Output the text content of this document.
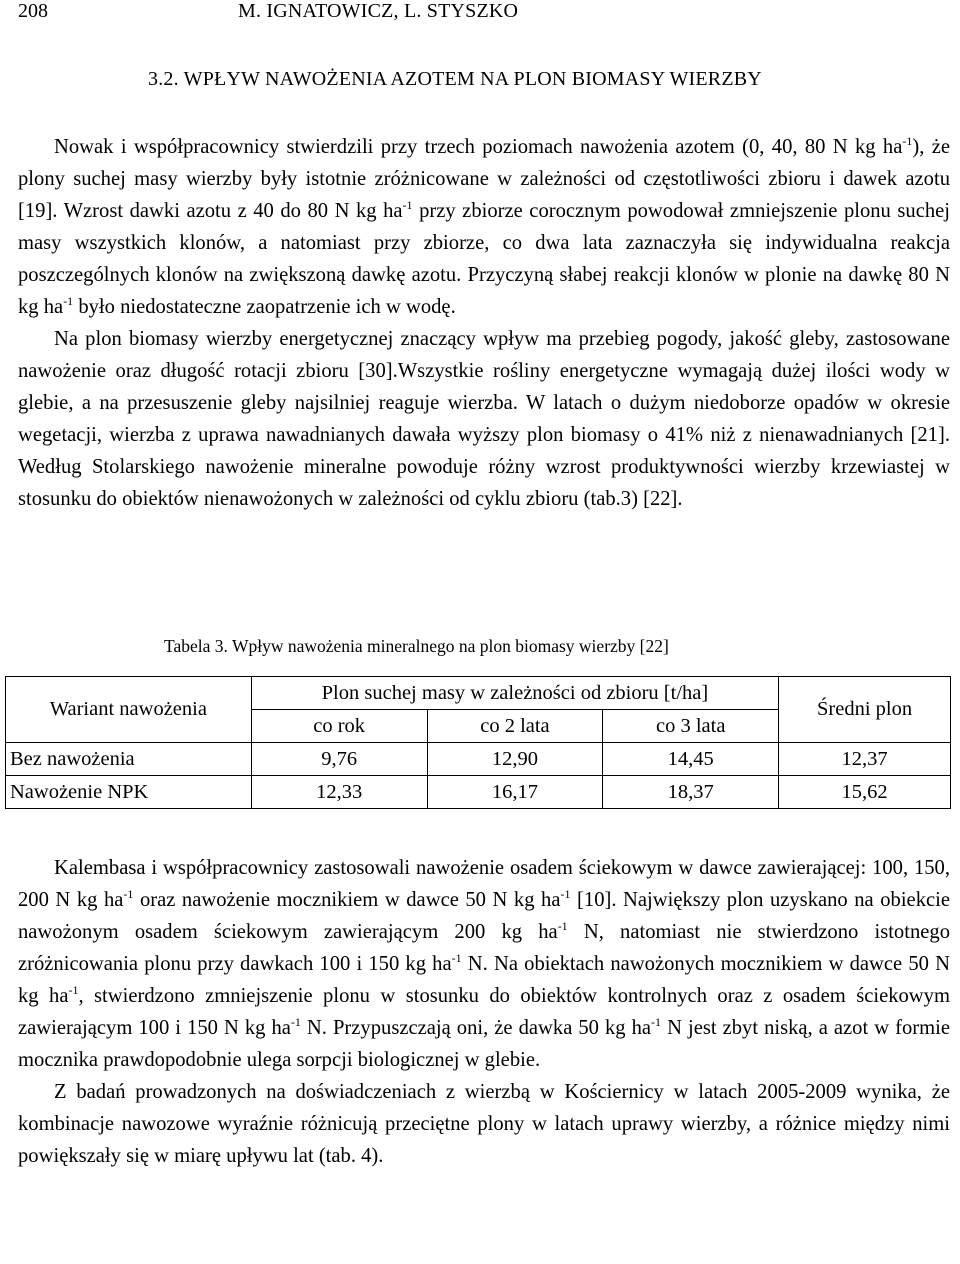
208	M. IGNATOWICZ, L. STYSZKO
3.2. WPŁYW NAWOŻENIA AZOTEM NA PLON BIOMASY WIERZBY

Nowak i współpracownicy stwierdzili przy trzech poziomach nawożenia azotem (0, 40, 80 N kg $ha^{-1}$), że plony suchej masy wierzby były istotnie zróżnicowane w zależności od częstotliwości zbioru i dawek azotu [19]. Wzrost dawki azotu z 40 do 80 N kg $ha^{-1}$ przy zbiorze corocznym powodował zmniejszenie plonu suchej masy wszystkich klonów, a natomiast przy zbiorze, co dwa lata zaznaczyła się indywidualna reakcja poszczególnych klonów na zwiększoną dawkę azotu. Przyczyną słabej reakcji klonów w plonie na dawkę 80 N kg $ha^{-1}$ było niedostateczne zaopatrzenie ich w wodę.

Na plon biomasy wierzby energetycznej znaczący wpływ ma przebieg pogody, jakość gleby, zastosowane nawożenie oraz długość rotacji zbioru [30].Wszystkie rośliny energetyczne wymagają dużej ilości wody w glebie, a na przesuszenie gleby najsilniej reaguje wierzba. W latach o dużym niedoborze opadów w okresie wegetacji, wierzba z uprawa nawadnianych dawała wyższy plon biomasy o 41% niż z nienawadnianych [21]. Według Stolarskiego nawożenie mineralne powoduje różny wzrost produktywności wierzby krzewiastej w stosunku do obiektów nienawożonych w zależności od cyklu zbioru (tab.3) [22].

Tabela 3. Wpływ nawożenia mineralnego na plon biomasy wierzby [22]
Wariant nawożenia	Plon suchej masy w zależności od zbioru [t/ha]			Średni plon
	co rok	co 2 lata	co 3 lata	
Bez nawożenia	9,76	12,90	14,45	12,37
Nawożenie NPK	12,33	16,17	18,37	15,62

Kalembasa i współpracownicy zastosowali nawożenie osadem ściekowym w dawce zawierającej: 100, 150, 200 N kg $ha^{-1}$ oraz nawożenie mocznikiem w dawce 50 N kg $ha^{-1}$ [10]. Największy plon uzyskano na obiekcie nawożonym osadem ściekowym zawierającym 200 kg $ha^{-1}$ N, natomiast nie stwierdzono istotnego zróżnicowania plonu przy dawkach 100 i 150 kg $ha^{-1}$ N. Na obiektach nawożonych mocznikiem w dawce 50 N kg $ha^{-1}$, stwierdzono zmniejszenie plonu w stosunku do obiektów kontrolnych oraz z osadem ściekowym zawierającym 100 i 150 N kg $ha^{-1}$ N. Przypuszczają oni, że dawka 50 kg $ha^{-1}$ N jest zbyt niską, a azot w formie mocznika prawdopodobnie ulega sorpcji biologicznej w glebie.

Z badań prowadzonych na doświadczeniach z wierzbą w Kościernicy w latach 2005-2009 wynika, że kombinacje nawozowe wyraźnie różnicują przeciętne plony w latach uprawy wierzby, a różnice między nimi powiększały się w miarę upływu lat (tab. 4).
